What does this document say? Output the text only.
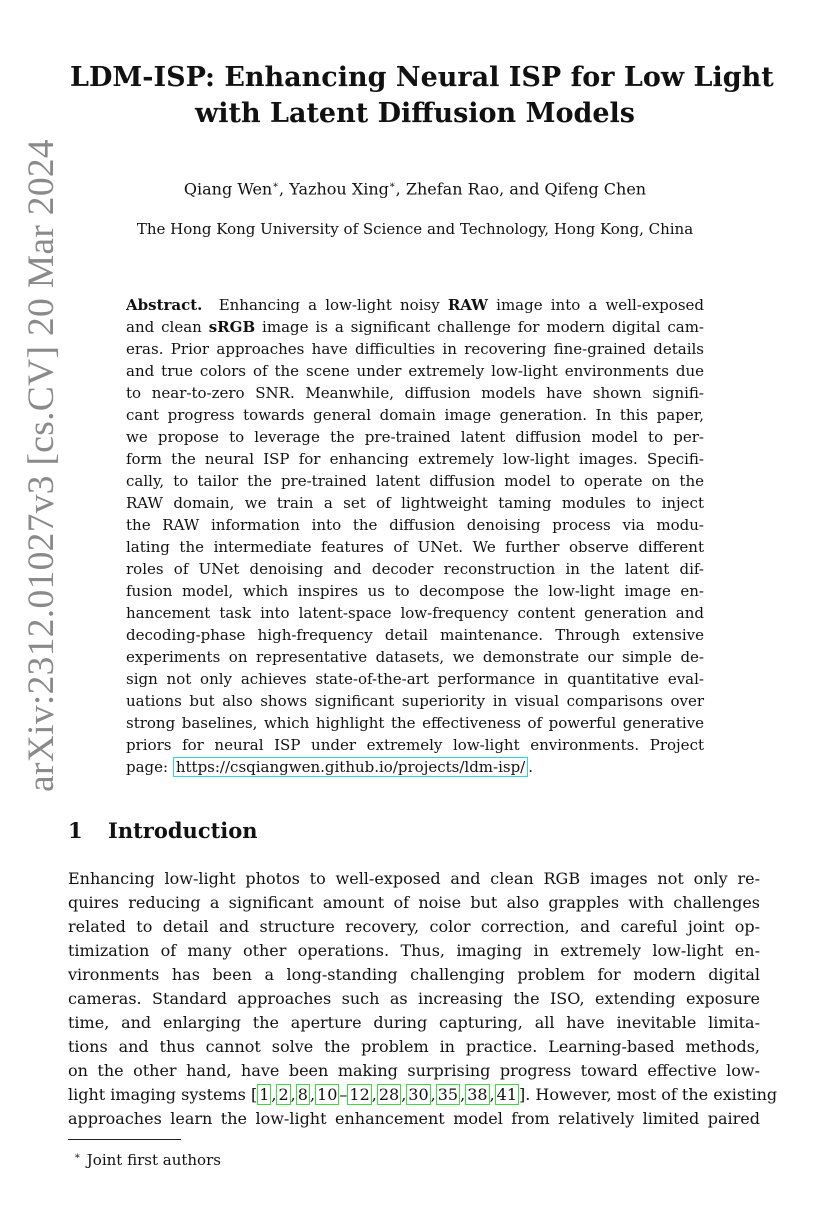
arXiv:2312.01027v3 [cs.CV] 20 Mar 2024
LDM-ISP: Enhancing Neural ISP for Low Light
with Latent Diffusion Models
Qiang Wen∗, Yazhou Xing∗, Zhefan Rao, and Qifeng Chen
The Hong Kong University of Science and Technology, Hong Kong, China
Abstract. Enhancing a low-light noisy RAW image into a well-exposed
and clean sRGB image is a significant challenge for modern digital cam-
eras. Prior approaches have difficulties in recovering fine-grained details
and true colors of the scene under extremely low-light environments due
to near-to-zero SNR. Meanwhile, diffusion models have shown signifi-
cant progress towards general domain image generation. In this paper,
we propose to leverage the pre-trained latent diffusion model to per-
form the neural ISP for enhancing extremely low-light images. Specifi-
cally, to tailor the pre-trained latent diffusion model to operate on the
RAW domain, we train a set of lightweight taming modules to inject
the RAW information into the diffusion denoising process via modu-
lating the intermediate features of UNet. We further observe different
roles of UNet denoising and decoder reconstruction in the latent dif-
fusion model, which inspires us to decompose the low-light image en-
hancement task into latent-space low-frequency content generation and
decoding-phase high-frequency detail maintenance. Through extensive
experiments on representative datasets, we demonstrate our simple de-
sign not only achieves state-of-the-art performance in quantitative eval-
uations but also shows significant superiority in visual comparisons over
strong baselines, which highlight the effectiveness of powerful generative
priors for neural ISP under extremely low-light environments. Project
page: https://csqiangwen.github.io/projects/ldm-isp/ .
1 Introduction
Enhancing low-light photos to well-exposed and clean RGB images not only re-
quires reducing a significant amount of noise but also grapples with challenges
related to detail and structure recovery, color correction, and careful joint op-
timization of many other operations. Thus, imaging in extremely low-light en-
vironments has been a long-standing challenging problem for modern digital
cameras. Standard approaches such as increasing the ISO, extending exposure
time, and enlarging the aperture during capturing, all have inevitable limita-
tions and thus cannot solve the problem in practice. Learning-based methods,
on the other hand, have been making surprising progress toward effective low-
light imaging systems [ 1 , 2 , 8 , 10 – 12 , 28 , 30 , 35 , 38 , 41 ]. However, most of the existing
approaches learn the low-light enhancement model from relatively limited paired
∗ Joint first authors
